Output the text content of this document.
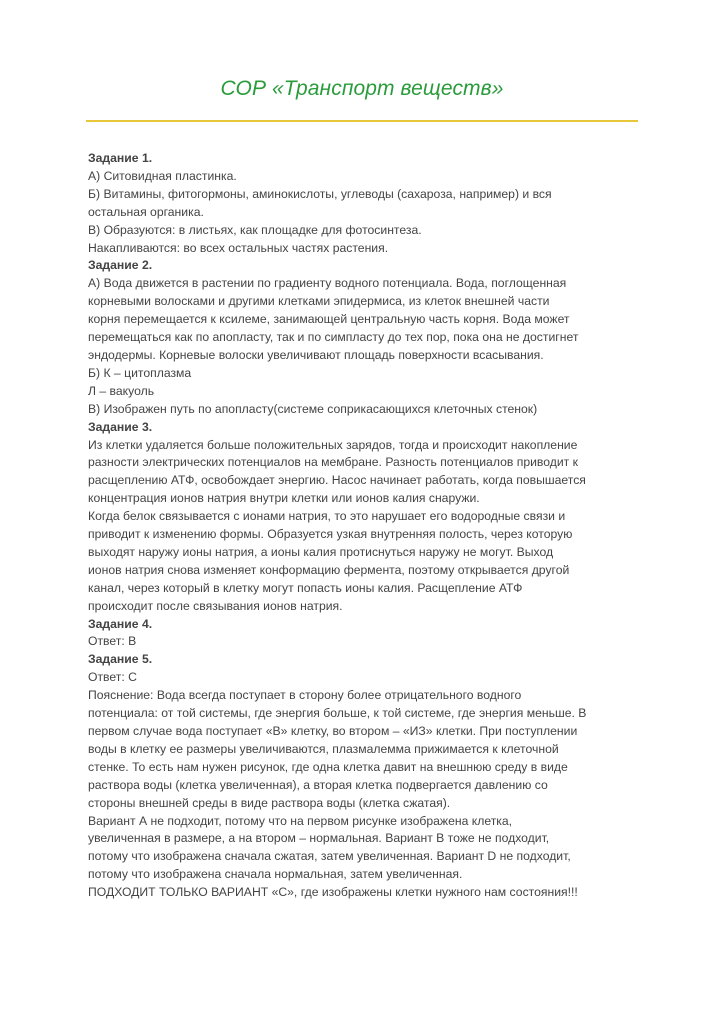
СОР «Транспорт веществ»
Задание 1.
А) Ситовидная пластинка.
Б) Витамины, фитогормоны, аминокислоты, углеводы (сахароза, например) и вся
остальная органика.
В) Образуются: в листьях, как площадке для фотосинтеза.
Накапливаются: во всех остальных частях растения.
Задание 2.
А) Вода движется в растении по градиенту водного потенциала. Вода, поглощенная
корневыми волосками и другими клетками эпидермиса, из клеток внешней части
корня перемещается к ксилеме, занимающей центральную часть корня. Вода может
перемещаться как по апопласту, так и по симпласту до тех пор, пока она не достигнет
эндодермы. Корневые волоски увеличивают площадь поверхности всасывания.
Б) К – цитоплазма
Л – вакуоль
В) Изображен путь по апопласту(системе соприкасающихся клеточных стенок)
Задание 3.
Из клетки удаляется больше положительных зарядов, тогда и происходит накопление
разности электрических потенциалов на мембране. Разность потенциалов приводит к
расщеплению АТФ, освобождает энергию. Насос начинает работать, когда повышается
концентрация ионов натрия внутри клетки или ионов калия снаружи.
Когда белок связывается с ионами натрия, то это нарушает его водородные связи и
приводит к изменению формы. Образуется узкая внутренняя полость, через которую
выходят наружу ионы натрия, а ионы калия протиснуться наружу не могут. Выход
ионов натрия снова изменяет конформацию фермента, поэтому открывается другой
канал, через который в клетку могут попасть ионы калия. Расщепление АТФ
происходит после связывания ионов натрия.
Задание 4.
Ответ: В
Задание 5.
Ответ: С
Пояснение: Вода всегда поступает в сторону более отрицательного водного
потенциала: от той системы, где энергия больше, к той системе, где энергия меньше. В
первом случае вода поступает «В» клетку, во втором – «ИЗ» клетки. При поступлении
воды в клетку ее размеры увеличиваются, плазмалемма прижимается к клеточной
стенке. То есть нам нужен рисунок, где одна клетка давит на внешнюю среду в виде
раствора воды (клетка увеличенная), а вторая клетка подвергается давлению со
стороны внешней среды в виде раствора воды (клетка сжатая).
Вариант А не подходит, потому что на первом рисунке изображена клетка,
увеличенная в размере, а на втором – нормальная. Вариант В тоже не подходит,
потому что изображена сначала сжатая, затем увеличенная. Вариант D не подходит,
потому что изображена сначала нормальная, затем увеличенная.
ПОДХОДИТ ТОЛЬКО ВАРИАНТ «С», где изображены клетки нужного нам состояния!!!
